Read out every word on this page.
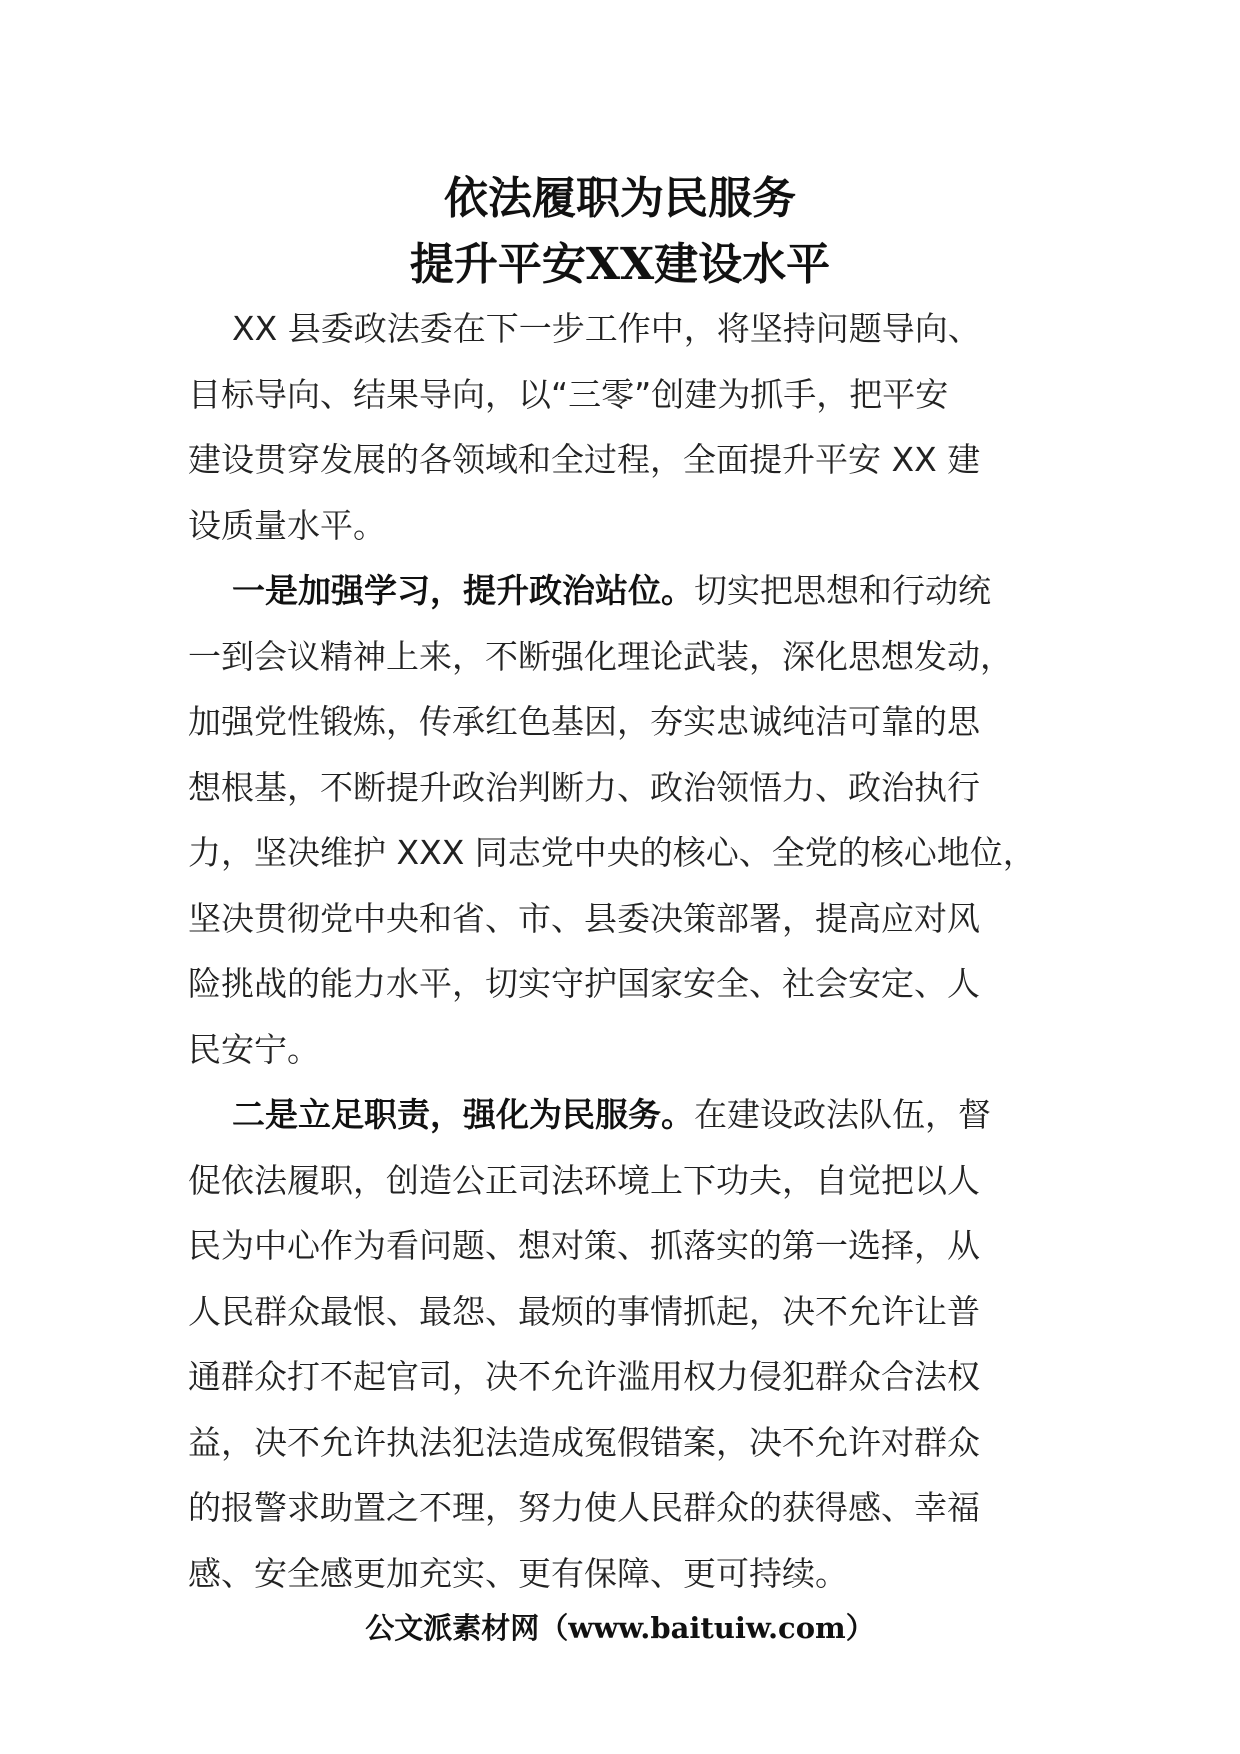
依法履职为民服务
提升平安XX建设水平
XX 县委政法委在下一步工作中，将坚持问题导向、
目标导向、结果导向，以“三零”创建为抓手，把平安
建设贯穿发展的各领域和全过程，全面提升平安 XX 建
设质量水平。
一是加强学习，提升政治站位。切实把思想和行动统
一到会议精神上来，不断强化理论武装，深化思想发动，
加强党性锻炼，传承红色基因，夯实忠诚纯洁可靠的思
想根基，不断提升政治判断力、政治领悟力、政治执行
力，坚决维护 XXX 同志党中央的核心、全党的核心地位，
坚决贯彻党中央和省、市、县委决策部署，提高应对风
险挑战的能力水平，切实守护国家安全、社会安定、人
民安宁。
二是立足职责，强化为民服务。在建设政法队伍，督
促依法履职，创造公正司法环境上下功夫，自觉把以人
民为中心作为看问题、想对策、抓落实的第一选择，从
人民群众最恨、最怨、最烦的事情抓起，决不允许让普
通群众打不起官司，决不允许滥用权力侵犯群众合法权
益，决不允许执法犯法造成冤假错案，决不允许对群众
的报警求助置之不理，努力使人民群众的获得感、幸福
感、安全感更加充实、更有保障、更可持续。
公文派素材网（www.baituiw.com）
